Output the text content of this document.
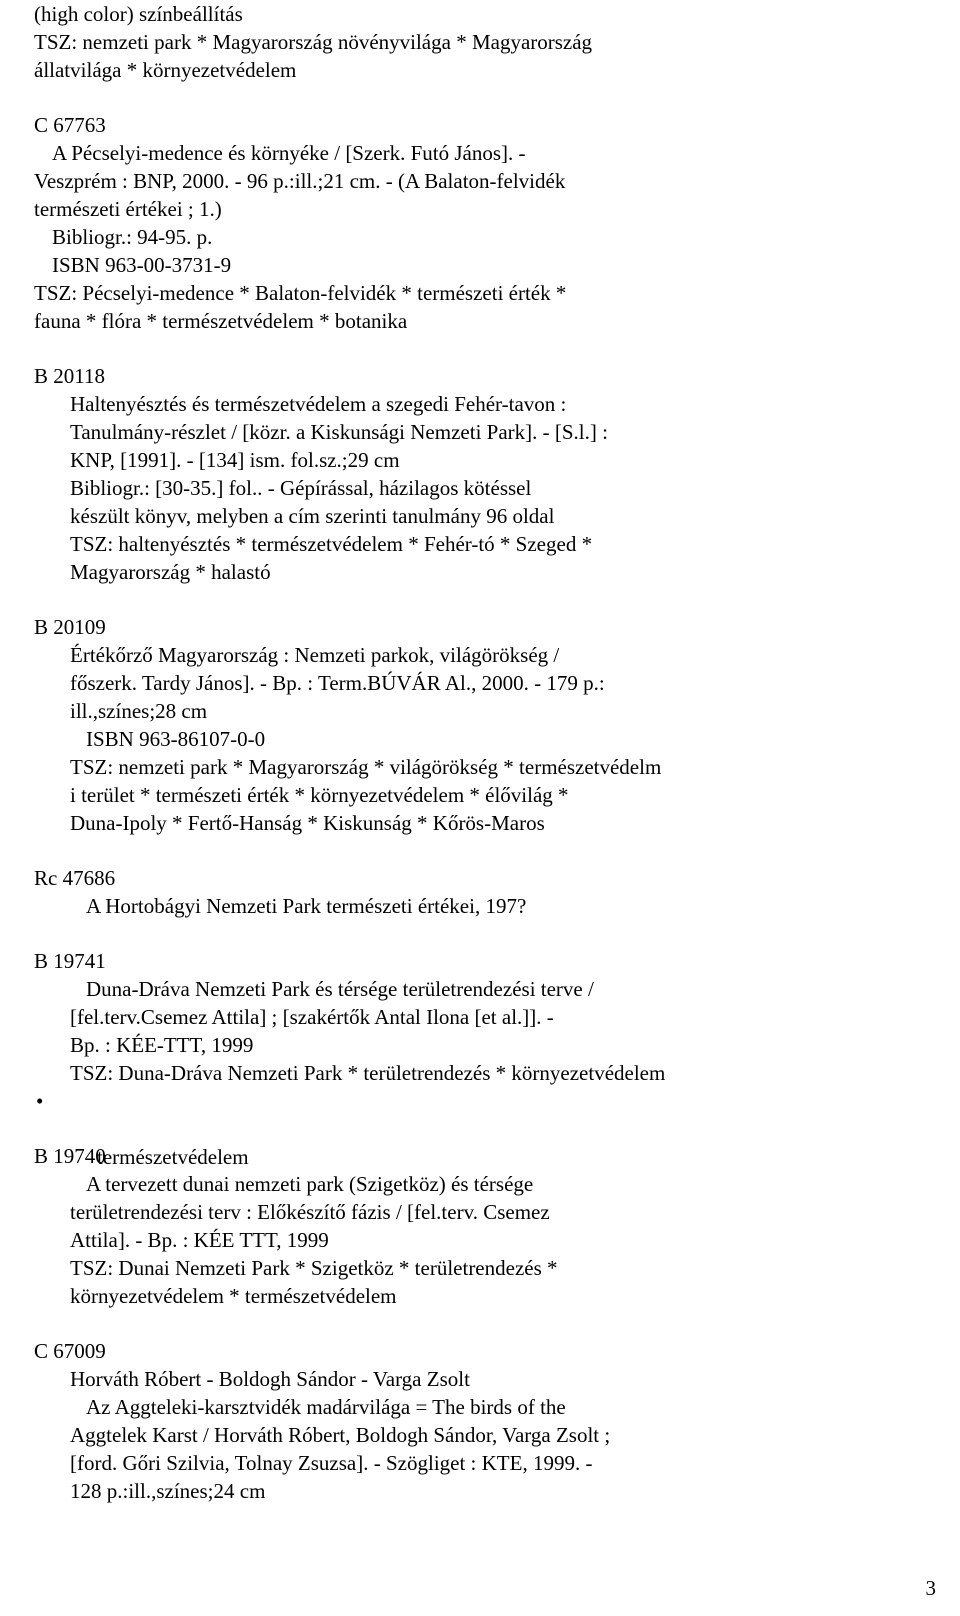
(high color) színbeállítás
TSZ: nemzeti park * Magyarország növényvilága * Magyarország
állatvilága * környezetvédelem
C 67763
A Pécselyi-medence és környéke / [Szerk. Futó János]. -
Veszprém : BNP, 2000. - 96 p.:ill.;21 cm. - (A Balaton-felvidék
természeti értékei ; 1.)
Bibliogr.: 94-95. p.
ISBN 963-00-3731-9
TSZ: Pécselyi-medence * Balaton-felvidék * természeti érték *
fauna * flóra * természetvédelem * botanika
B 20118
Haltenyésztés és természetvédelem a szegedi Fehér-tavon :
Tanulmány-részlet / [közr. a Kiskunsági Nemzeti Park]. - [S.l.] :
KNP, [1991]. - [134] ism. fol.sz.;29 cm
Bibliogr.: [30-35.] fol.. - Gépírással, házilagos kötéssel
készült könyv, melyben a cím szerinti tanulmány 96 oldal
TSZ: haltenyésztés * természetvédelem * Fehér-tó * Szeged *
Magyarország * halastó
B 20109
Értékőrző Magyarország : Nemzeti parkok, világörökség /
főszerk. Tardy János]. - Bp. : Term.BÚVÁR Al., 2000. - 179 p.:
ill.,színes;28 cm
ISBN 963-86107-0-0
TSZ: nemzeti park * Magyarország * világörökség * természetvédelm
i terület * természeti érték * környezetvédelem * élővilág *
Duna-Ipoly * Fertő-Hanság * Kiskunság * Kőrös-Maros
Rc 47686
A Hortobágyi Nemzeti Park természeti értékei, 197?
B 19741
Duna-Dráva Nemzeti Park és térsége területrendezési terve /
[fel.terv.Csemez Attila] ; [szakértők Antal Ilona [et al.]]. -
Bp. : KÉE-TTT, 1999
TSZ: Duna-Dráva Nemzeti Park * területrendezés * környezetvédelem

•

természetvédelem

B 19740
A tervezett dunai nemzeti park (Szigetköz) és térsége
területrendezési terv : Előkészítő fázis / [fel.terv. Csemez
Attila]. - Bp. : KÉE TTT, 1999
TSZ: Dunai Nemzeti Park * Szigetköz * területrendezés *
környezetvédelem * természetvédelem
C 67009
Horváth Róbert - Boldogh Sándor - Varga Zsolt
Az Aggteleki-karsztvidék madárvilága = The birds of the
Aggtelek Karst / Horváth Róbert, Boldogh Sándor, Varga Zsolt ;
[ford. Gőri Szilvia, Tolnay Zsuzsa]. - Szögliget : KTE, 1999. -
128 p.:ill.,színes;24 cm
3
